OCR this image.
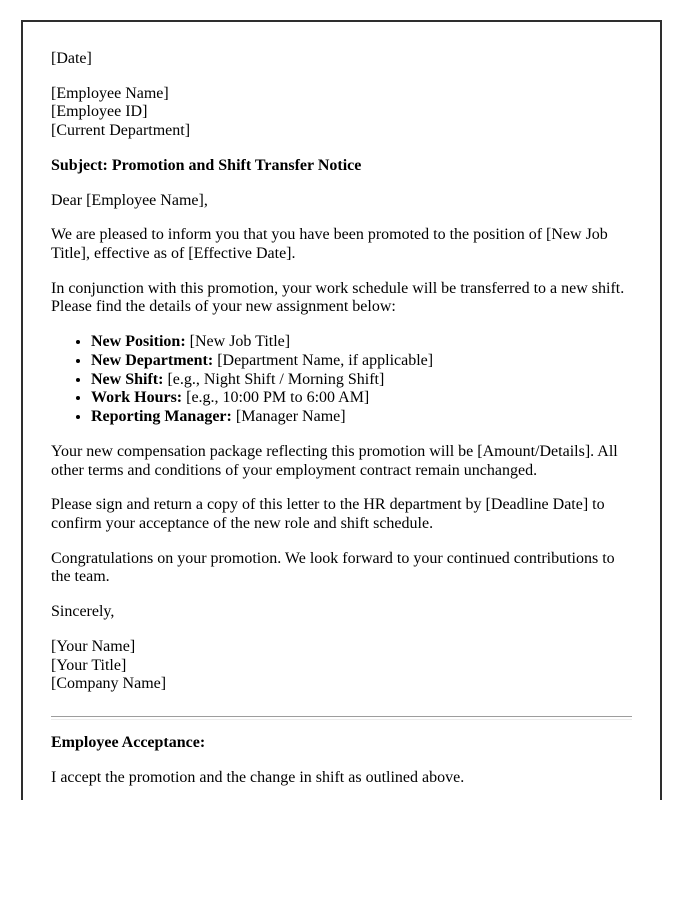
[Date]

[Employee Name]
[Employee ID]
[Current Department]

Subject: Promotion and Shift Transfer Notice

Dear [Employee Name],

We are pleased to inform you that you have been promoted to the position of [New Job Title], effective as of [Effective Date].

In conjunction with this promotion, your work schedule will be transferred to a new shift. Please find the details of your new assignment below:

• New Position: [New Job Title]
• New Department: [Department Name, if applicable]
• New Shift: [e.g., Night Shift / Morning Shift]
• Work Hours: [e.g., 10:00 PM to 6:00 AM]
• Reporting Manager: [Manager Name]

Your new compensation package reflecting this promotion will be [Amount/Details]. All other terms and conditions of your employment contract remain unchanged.

Please sign and return a copy of this letter to the HR department by [Deadline Date] to confirm your acceptance of the new role and shift schedule.

Congratulations on your promotion. We look forward to your continued contributions to the team.

Sincerely,

[Your Name]
[Your Title]
[Company Name]

Employee Acceptance:

I accept the promotion and the change in shift as outlined above.
